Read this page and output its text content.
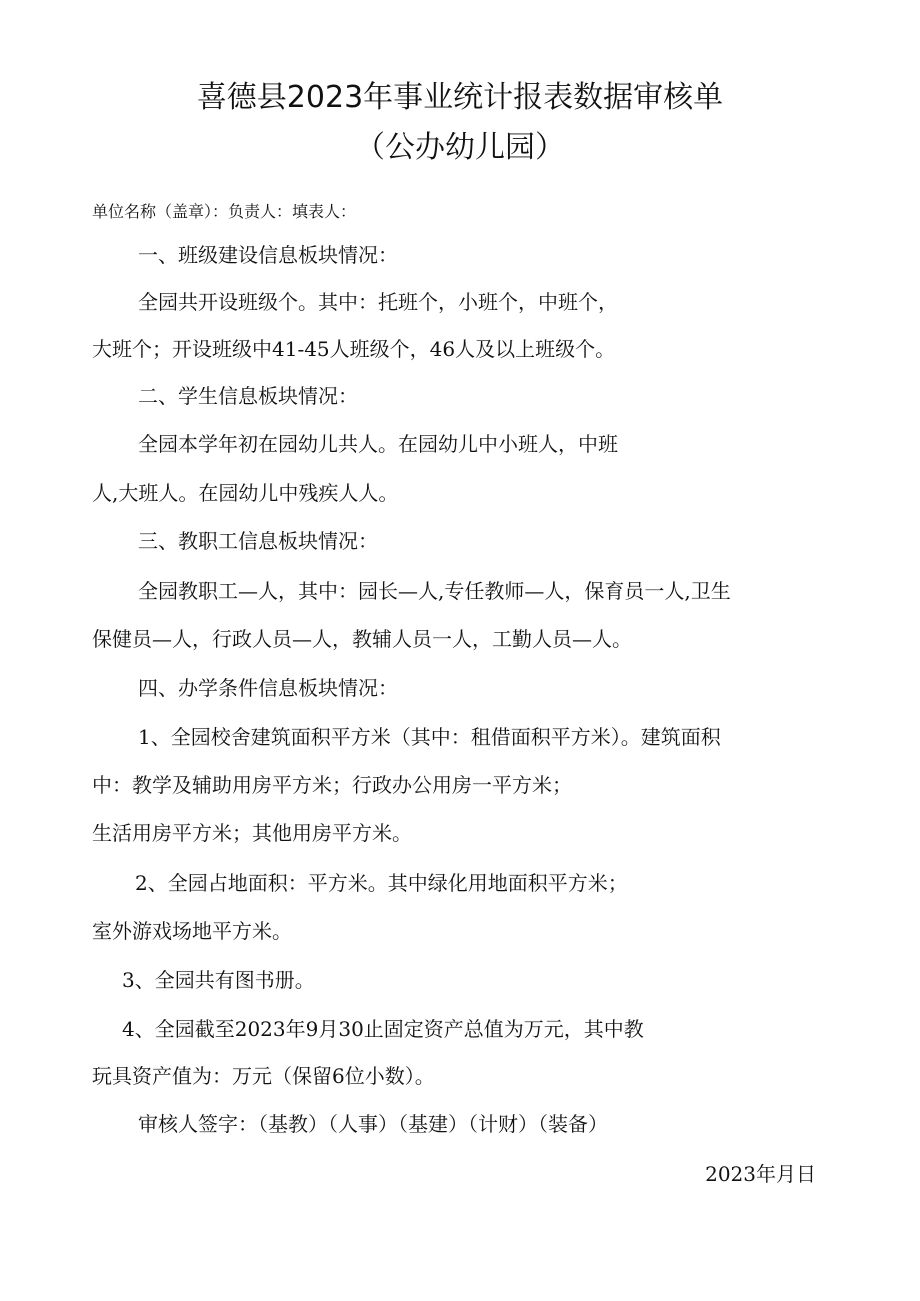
喜德县2023年事业统计报表数据审核单
（公办幼儿园）
单位名称（盖章）：负责人：填表人：
一、班级建设信息板块情况：
全园共开设班级个。其中：托班个，小班个，中班个，
大班个；开设班级中41-45人班级个，46人及以上班级个。
二、学生信息板块情况：
全园本学年初在园幼儿共人。在园幼儿中小班人，中班
人,大班人。在园幼儿中残疾人人。
三、教职工信息板块情况：
全园教职工—人，其中：园长—人,专任教师—人，保育员一人,卫生
保健员—人，行政人员—人，教辅人员一人，工勤人员—人。
四、办学条件信息板块情况：
1、全园校舍建筑面积平方米（其中：租借面积平方米）。建筑面积
中：教学及辅助用房平方米；行政办公用房一平方米；
生活用房平方米；其他用房平方米。
2、全园占地面积：平方米。其中绿化用地面积平方米；
室外游戏场地平方米。
3、全园共有图书册。
4、全园截至2023年9月30止固定资产总值为万元，其中教
玩具资产值为：万元（保留6位小数）。
审核人签字：（基教）（人事）（基建）（计财）（装备）
2023年月日
